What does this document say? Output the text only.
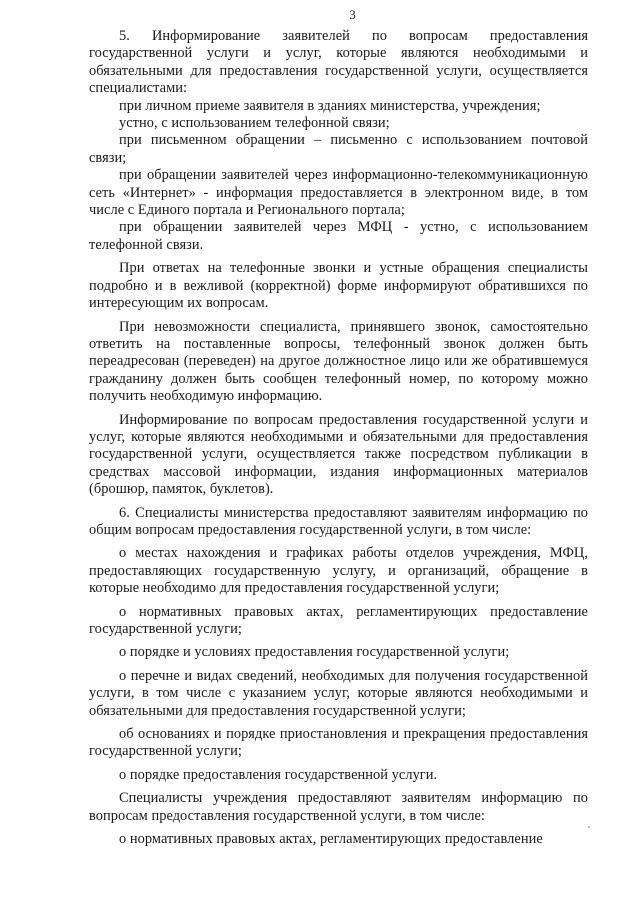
3

5. Информирование заявителей по вопросам предоставления государственной услуги и услуг, которые являются необходимыми и обязательными для предоставления государственной услуги, осуществляется специалистами:

при личном приеме заявителя в зданиях министерства, учреждения;

устно, с использованием телефонной связи;

при письменном обращении – письменно с использованием почтовой связи;

при обращении заявителей через информационно-телекоммуникационную сеть «Интернет» - информация предоставляется в электронном виде, в том числе с Единого портала и Регионального портала;

при обращении заявителей через МФЦ - устно, с использованием телефонной связи.

При ответах на телефонные звонки и устные обращения специалисты подробно и в вежливой (корректной) форме информируют обратившихся по интересующим их вопросам.

При невозможности специалиста, принявшего звонок, самостоятельно ответить на поставленные вопросы, телефонный звонок должен быть переадресован (переведен) на другое должностное лицо или же обратившемуся гражданину должен быть сообщен телефонный номер, по которому можно получить необходимую информацию.

Информирование по вопросам предоставления государственной услуги и услуг, которые являются необходимыми и обязательными для предоставления государственной услуги, осуществляется также посредством публикации в средствах массовой информации, издания информационных материалов (брошюр, памяток, буклетов).

6. Специалисты министерства предоставляют заявителям информацию по общим вопросам предоставления государственной услуги, в том числе:

о местах нахождения и графиках работы отделов учреждения, МФЦ, предоставляющих государственную услугу, и организаций, обращение в которые необходимо для предоставления государственной услуги;

о нормативных правовых актах, регламентирующих предоставление государственной услуги;

о порядке и условиях предоставления государственной услуги;

о перечне и видах сведений, необходимых для получения государственной услуги, в том числе с указанием услуг, которые являются необходимыми и обязательными для предоставления государственной услуги;

об основаниях и порядке приостановления и прекращения предоставления государственной услуги;

о порядке предоставления государственной услуги.

Специалисты учреждения предоставляют заявителям информацию по вопросам предоставления государственной услуги, в том числе:

о нормативных правовых актах, регламентирующих предоставление
